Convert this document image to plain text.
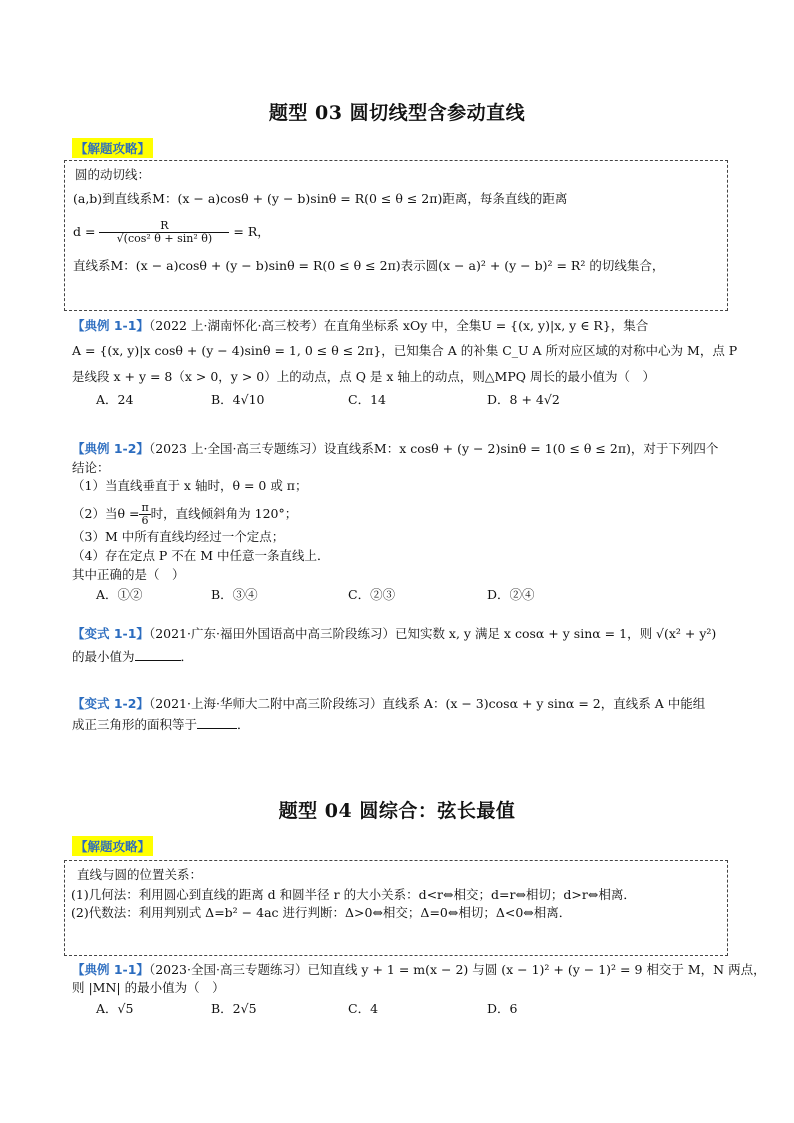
题型 03 圆切线型含参动直线
【解题攻略】
圆的动切线：
(a,b)到直线系M：(x − a)cosθ + (y − b)sinθ = R(0 ≤ θ ≤ 2π)距离，每条直线的距离
$d = \frac{R}{\text{√(cos² θ + sin² θ)}} = R$，
直线系M：(x − a)cosθ + (y − b)sinθ = R(0 ≤ θ ≤ 2π)表示圆(x − a)² + (y − b)² = R² 的切线集合，
【典例 1-1】（2022 上·湖南怀化·高三校考）在直角坐标系 xOy 中，全集U = {(x, y)|x, y ∈ R}，集合
A = {(x, y)|x cosθ + (y − 4)sinθ = 1, 0 ≤ θ ≤ 2π}，已知集合 A 的补集 C_U A 所对应区域的对称中心为 M，点 P
是线段 x + y = 8（x > 0，y > 0）上的动点，点 Q 是 x 轴上的动点，则△MPQ 周长的最小值为（　）
A．24	B．4√10	C．14	D．8 + 4√2
【典例 1-2】（2023 上·全国·高三专题练习）设直线系M：x cosθ + (y − 2)sinθ = 1(0 ≤ θ ≤ 2π)，对于下列四个
结论：
（1）当直线垂直于 x 轴时，θ = 0 或 π；
（2）当$\theta = \frac{\pi}{6}$ 时，直线倾斜角为 120°；
（3）M 中所有直线均经过一个定点；
（4）存在定点 P 不在 M 中任意一条直线上．
其中正确的是（　）
A．①②	B．③④	C．②③	D．②④
【变式 1-1】（2021·广东·福田外国语高中高三阶段练习）已知实数 x, y 满足 x cosα + y sinα = 1，则 √(x² + y²)
的最小值为	．
【变式 1-2】（2021·上海·华师大二附中高三阶段练习）直线系 A：(x − 3)cosα + y sinα = 2，直线系 A 中能组
成正三角形的面积等于	．
题型 04 圆综合：弦长最值
【解题攻略】
直线与圆的位置关系：
(1)几何法：利用圆心到直线的距离 d 和圆半径 r 的大小关系：d<r⇔相交；d=r⇔相切；d>r⇔相离．
(2)代数法：利用判别式 Δ=b² − 4ac 进行判断：Δ>0⇔相交；Δ=0⇔相切；Δ<0⇔相离．
【典例 1-1】（2023·全国·高三专题练习）已知直线 y + 1 = m(x − 2) 与圆 (x − 1)² + (y − 1)² = 9 相交于 M，N 两点，
则 |MN| 的最小值为（　）
A．√5	B．2√5	C．4	D．6
